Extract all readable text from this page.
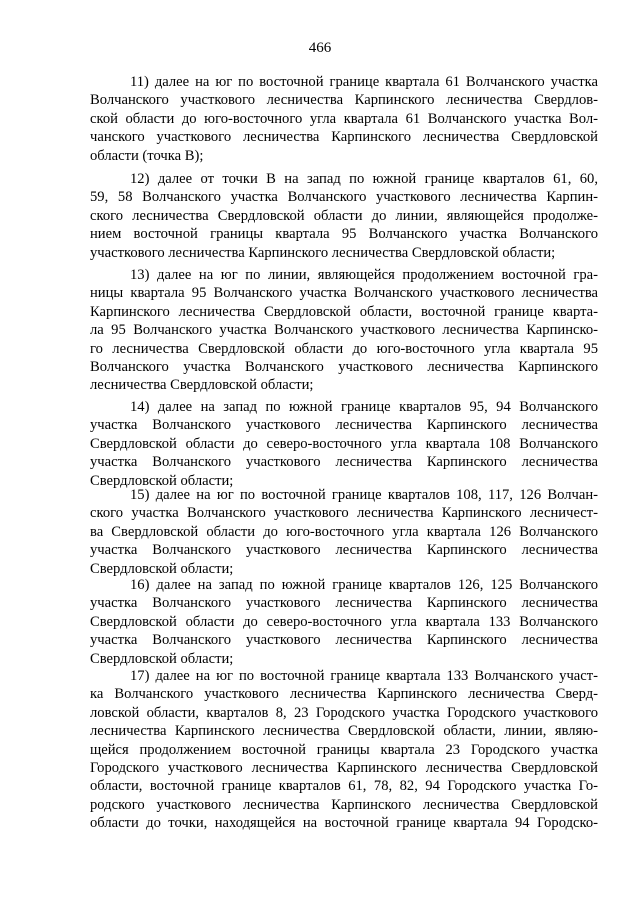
466
11) далее на юг по восточной границе квартала 61 Волчанского участка
Волчанского участкового лесничества Карпинского лесничества Свердлов-
ской области до юго-восточного угла квартала 61 Волчанского участка Вол-
чанского участкового лесничества Карпинского лесничества Свердловской
области (точка В);
12) далее от точки В на запад по южной границе кварталов 61, 60,
59, 58 Волчанского участка Волчанского участкового лесничества Карпин-
ского лесничества Свердловской области до линии, являющейся продолже-
нием восточной границы квартала 95 Волчанского участка Волчанского
участкового лесничества Карпинского лесничества Свердловской области;
13) далее на юг по линии, являющейся продолжением восточной гра-
ницы квартала 95 Волчанского участка Волчанского участкового лесничества
Карпинского лесничества Свердловской области, восточной границе кварта-
ла 95 Волчанского участка Волчанского участкового лесничества Карпинско-
го лесничества Свердловской области до юго-восточного угла квартала 95
Волчанского участка Волчанского участкового лесничества Карпинского
лесничества Свердловской области;
14) далее на запад по южной границе кварталов 95, 94 Волчанского
участка Волчанского участкового лесничества Карпинского лесничества
Свердловской области до северо-восточного угла квартала 108 Волчанского
участка Волчанского участкового лесничества Карпинского лесничества
Свердловской области;
15) далее на юг по восточной границе кварталов 108, 117, 126 Волчан-
ского участка Волчанского участкового лесничества Карпинского лесничест-
ва Свердловской области до юго-восточного угла квартала 126 Волчанского
участка Волчанского участкового лесничества Карпинского лесничества
Свердловской области;
16) далее на запад по южной границе кварталов 126, 125 Волчанского
участка Волчанского участкового лесничества Карпинского лесничества
Свердловской области до северо-восточного угла квартала 133 Волчанского
участка Волчанского участкового лесничества Карпинского лесничества
Свердловской области;
17) далее на юг по восточной границе квартала 133 Волчанского участ-
ка Волчанского участкового лесничества Карпинского лесничества Сверд-
ловской области, кварталов 8, 23 Городского участка Городского участкового
лесничества Карпинского лесничества Свердловской области, линии, являю-
щейся продолжением восточной границы квартала 23 Городского участка
Городского участкового лесничества Карпинского лесничества Свердловской
области, восточной границе кварталов 61, 78, 82, 94 Городского участка Го-
родского участкового лесничества Карпинского лесничества Свердловской
области до точки, находящейся на восточной границе квартала 94 Городско-
